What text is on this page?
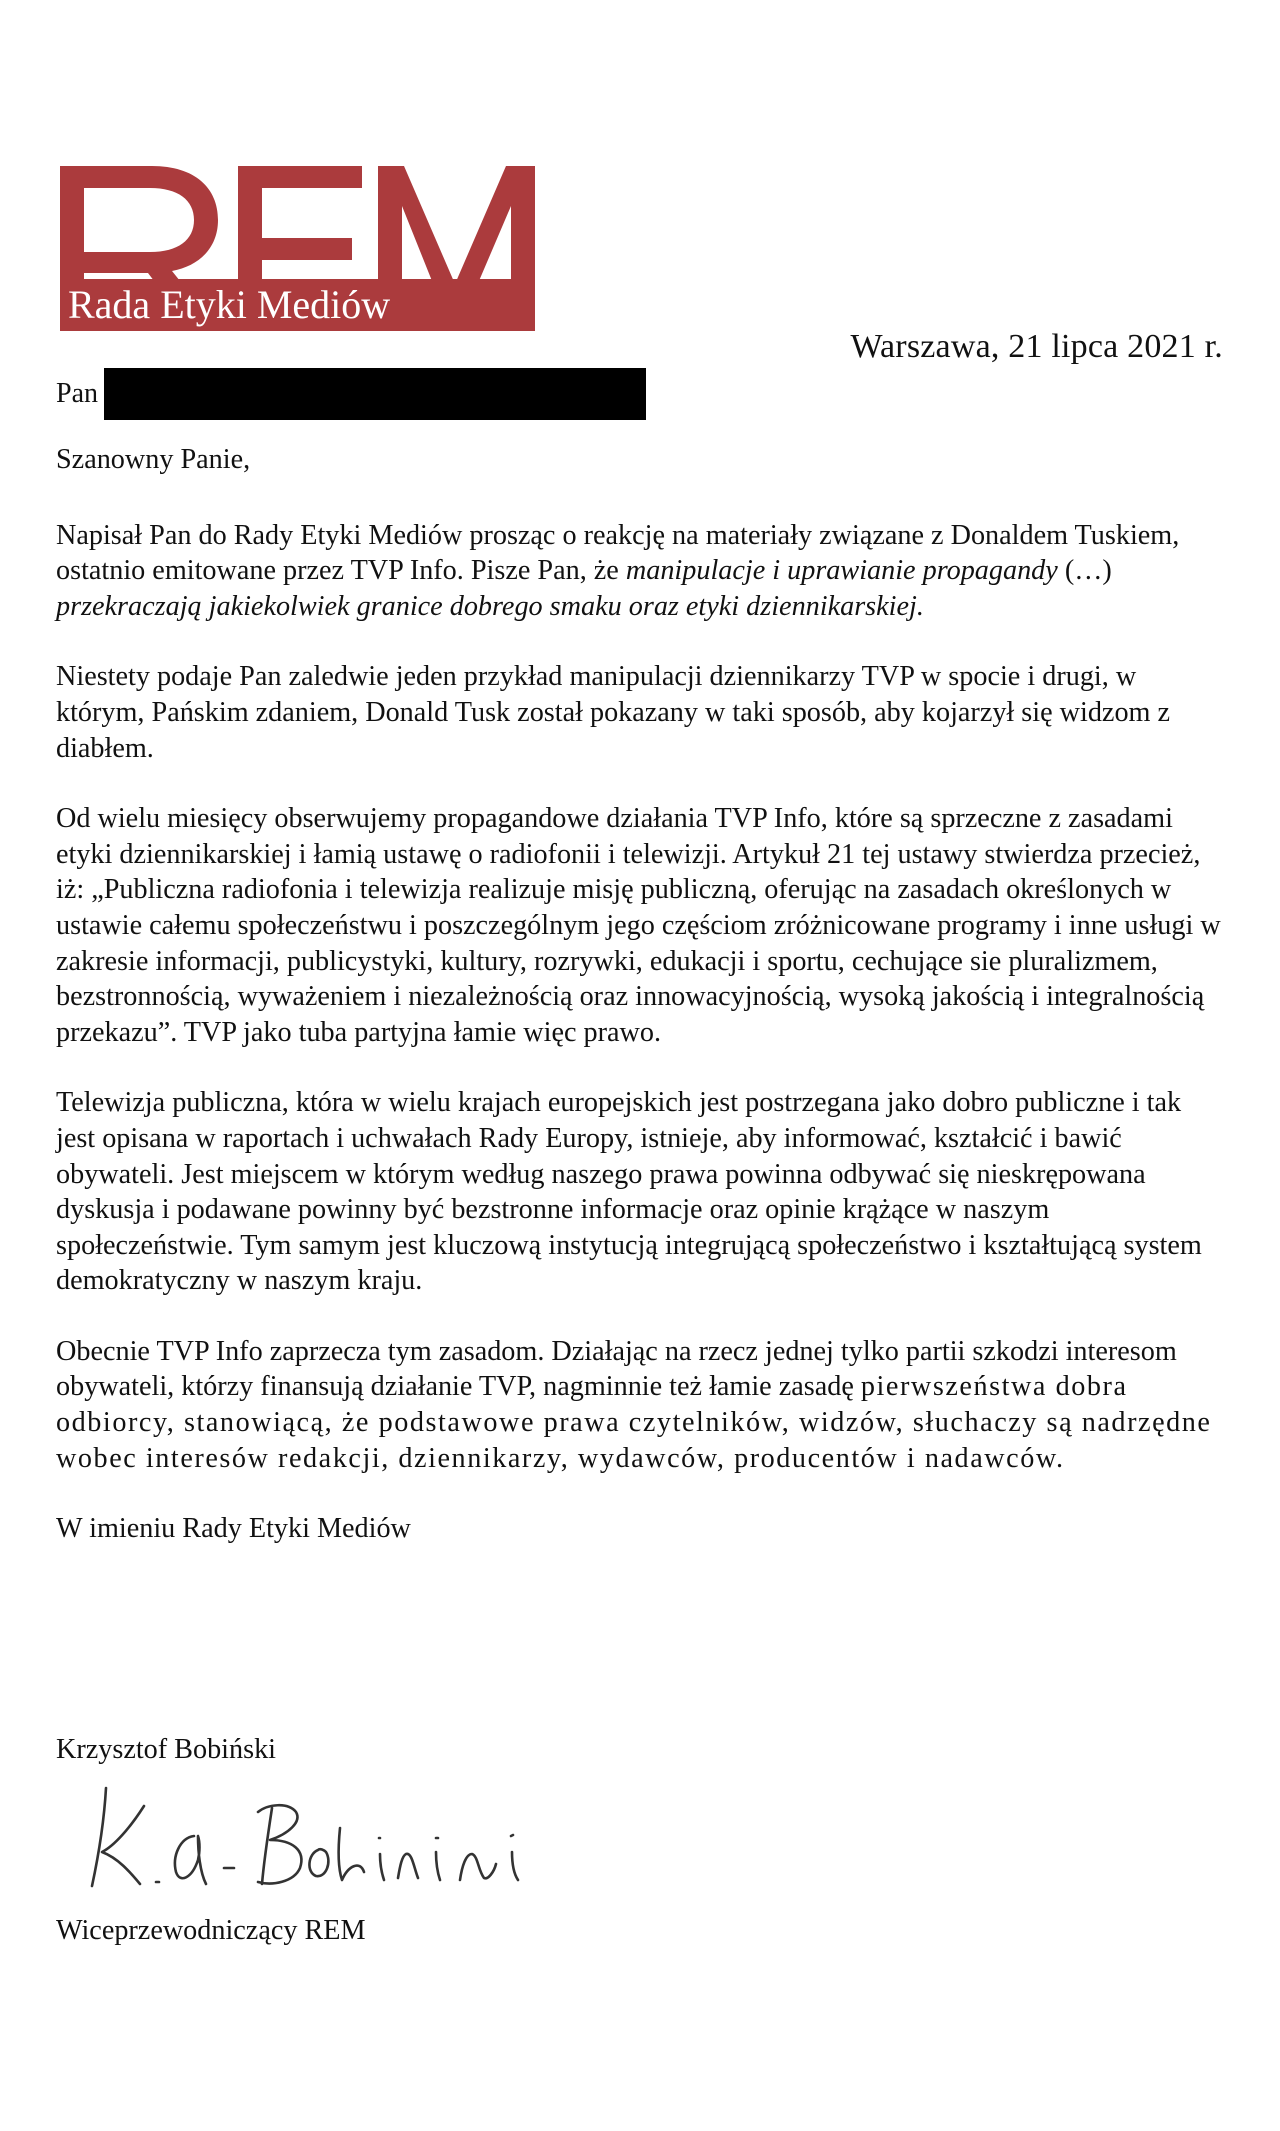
Rada Etyki Mediów
Warszawa, 21 lipca 2021 r.
Pan

Szanowny Panie,

Napisał Pan do Rady Etyki Mediów prosząc o reakcję na materiały związane z Donaldem Tuskiem, ostatnio emitowane przez TVP Info. Pisze Pan, że manipulacje i uprawianie propagandy (…) przekraczają jakiekolwiek granice dobrego smaku oraz etyki dziennikarskiej.

Niestety podaje Pan zaledwie jeden przykład manipulacji dziennikarzy TVP w spocie i drugi, w którym, Pańskim zdaniem, Donald Tusk został pokazany w taki sposób, aby kojarzył się widzom z diabłem.

Od wielu miesięcy obserwujemy propagandowe działania TVP Info, które są sprzeczne z zasadami etyki dziennikarskiej i łamią ustawę o radiofonii i telewizji. Artykuł 21 tej ustawy stwierdza przecież, iż: „Publiczna radiofonia i telewizja realizuje misję publiczną, oferując na zasadach określonych w ustawie całemu społeczeństwu i poszczególnym jego częściom zróżnicowane programy i inne usługi w zakresie informacji, publicystyki, kultury, rozrywki, edukacji i sportu, cechujące sie pluralizmem, bezstronnością, wyważeniem i niezależnością oraz innowacyjnością, wysoką jakością i integralnością przekazu”. TVP jako tuba partyjna łamie więc prawo.

Telewizja publiczna, która w wielu krajach europejskich jest postrzegana jako dobro publiczne i tak jest opisana w raportach i uchwałach Rady Europy, istnieje, aby informować, kształcić i bawić obywateli. Jest miejscem w którym według naszego prawa powinna odbywać się nieskrępowana dyskusja i podawane powinny być bezstronne informacje oraz opinie krążące w naszym społeczeństwie. Tym samym jest kluczową instytucją integrującą społeczeństwo i kształtującą system demokratyczny w naszym kraju.

Obecnie TVP Info zaprzecza tym zasadom. Działając na rzecz jednej tylko partii szkodzi interesom obywateli, którzy finansują działanie TVP, nagminnie też łamie zasadę pierwszeństwa dobra odbiorcy, stanowiącą, że podstawowe prawa czytelników, widzów, słuchaczy są nadrzędne wobec interesów redakcji, dziennikarzy, wydawców, producentów i nadawców.

W imieniu Rady Etyki Mediów

Krzysztof Bobiński
Wiceprzewodniczący REM
